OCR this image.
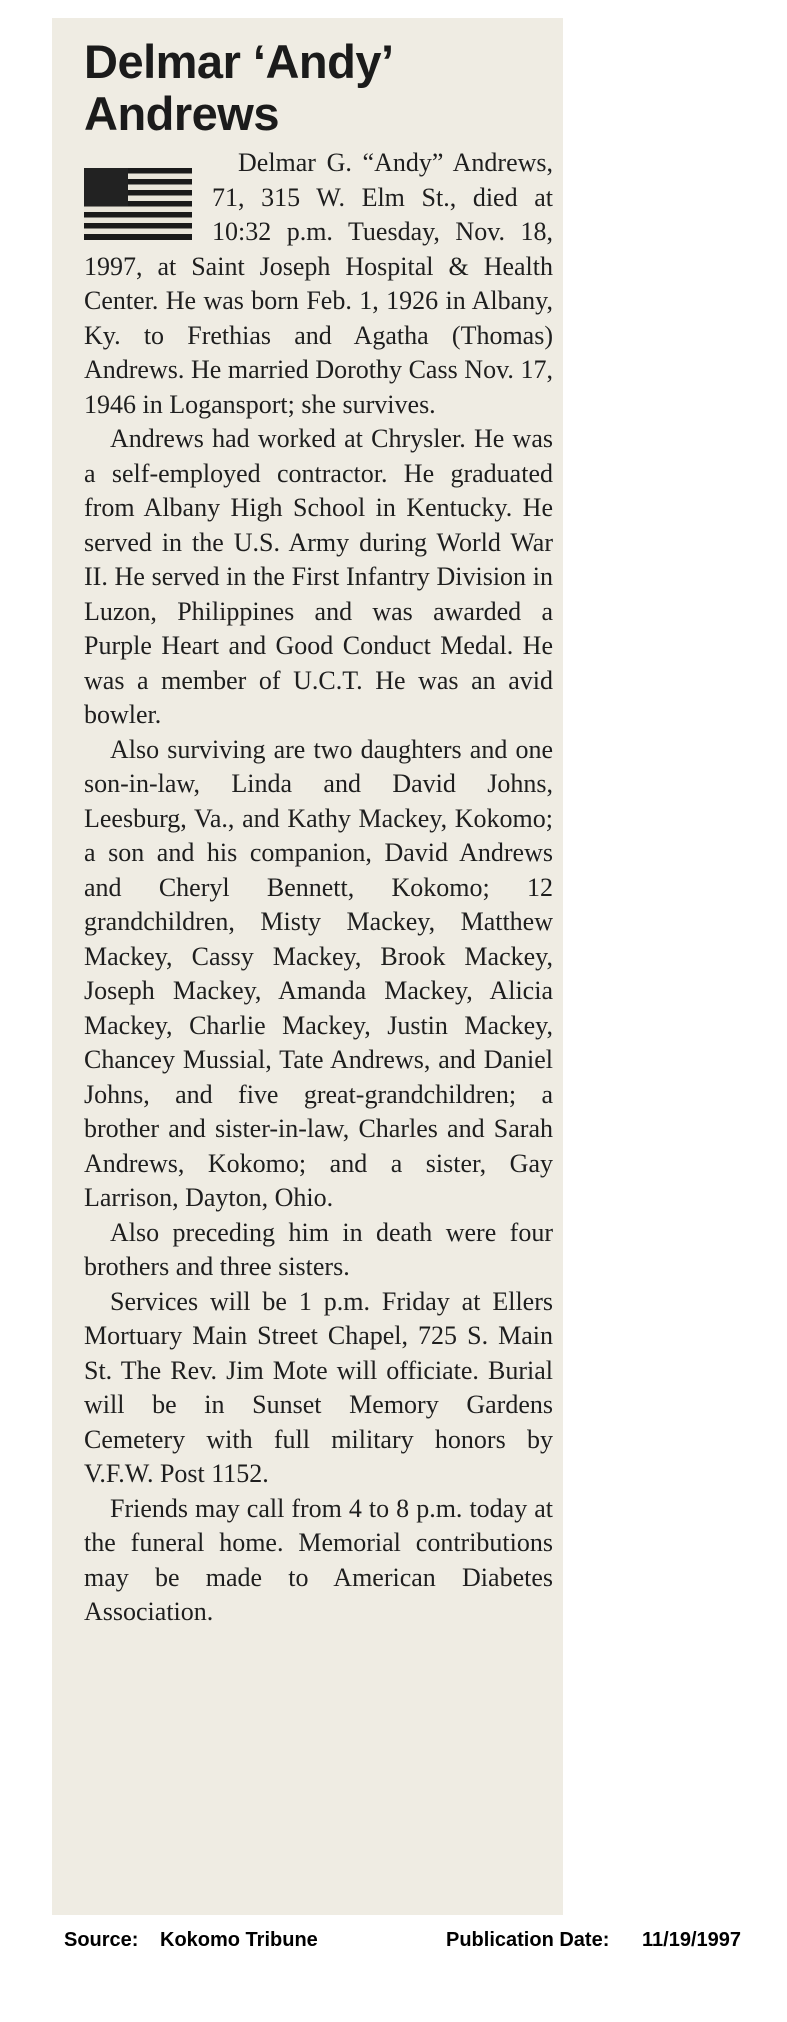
Delmar ‘Andy’ Andrews

Delmar G. “Andy” Andrews, 71, 315 W. Elm St., died at 10:32 p.m. Tuesday, Nov. 18, 1997, at Saint Joseph Hospital & Health Center. He was born Feb. 1, 1926 in Albany, Ky. to Frethias and Agatha (Thomas) Andrews. He married Dorothy Cass Nov. 17, 1946 in Logansport; she survives.

Andrews had worked at Chrysler. He was a self-employed contractor. He graduated from Albany High School in Kentucky. He served in the U.S. Army during World War II. He served in the First Infantry Division in Luzon, Philippines and was awarded a Purple Heart and Good Conduct Medal. He was a member of U.C.T. He was an avid bowler.

Also surviving are two daughters and one son-in-law, Linda and David Johns, Leesburg, Va., and Kathy Mackey, Kokomo; a son and his companion, David Andrews and Cheryl Bennett, Kokomo; 12 grandchildren, Misty Mackey, Matthew Mackey, Cassy Mackey, Brook Mackey, Joseph Mackey, Amanda Mackey, Alicia Mackey, Charlie Mackey, Justin Mackey, Chancey Mussial, Tate Andrews, and Daniel Johns, and five great-grandchildren; a brother and sister-in-law, Charles and Sarah Andrews, Kokomo; and a sister, Gay Larrison, Dayton, Ohio.

Also preceding him in death were four brothers and three sisters.

Services will be 1 p.m. Friday at Ellers Mortuary Main Street Chapel, 725 S. Main St. The Rev. Jim Mote will officiate. Burial will be in Sunset Memory Gardens Cemetery with full military honors by V.F.W. Post 1152.

Friends may call from 4 to 8 p.m. today at the funeral home. Memorial contributions may be made to American Diabetes Association.

Source: Kokomo Tribune	Publication Date: 11/19/1997
